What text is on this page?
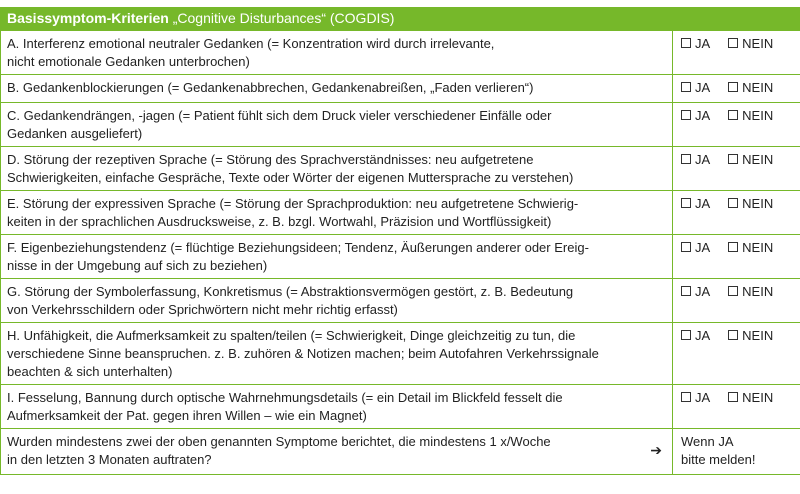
Basissymptom-Kriterien „Cognitive Disturbances“ (COGDIS)
A. Interferenz emotional neutraler Gedanken (= Konzentration wird durch irrelevante,
nicht emotionale Gedanken unterbrochen)	JA NEIN
B. Gedankenblockierungen (= Gedankenabbrechen, Gedankenabreißen, „Faden verlieren“)	JA NEIN
C. Gedankendrängen, -jagen (= Patient fühlt sich dem Druck vieler verschiedener Einfälle oder
Gedanken ausgeliefert)	JA NEIN
D. Störung der rezeptiven Sprache (= Störung des Sprachverständnisses: neu aufgetretene
Schwierigkeiten, einfache Gespräche, Texte oder Wörter der eigenen Muttersprache zu verstehen)	JA NEIN
E. Störung der expressiven Sprache (= Störung der Sprachproduktion: neu aufgetretene Schwierig-
keiten in der sprachlichen Ausdrucksweise, z. B. bzgl. Wortwahl, Präzision und Wortflüssigkeit)	JA NEIN
F. Eigenbeziehungstendenz (= flüchtige Beziehungsideen; Tendenz, Äußerungen anderer oder Ereig-
nisse in der Umgebung auf sich zu beziehen)	JA NEIN
G. Störung der Symbolerfassung, Konkretismus (= Abstraktionsvermögen gestört, z. B. Bedeutung
von Verkehrsschildern oder Sprichwörtern nicht mehr richtig erfasst)	JA NEIN
H. Unfähigkeit, die Aufmerksamkeit zu spalten/teilen (= Schwierigkeit, Dinge gleichzeitig zu tun, die
verschiedene Sinne beanspruchen. z. B. zuhören & Notizen machen; beim Autofahren Verkehrssignale
beachten & sich unterhalten)	JA NEIN
I. Fesselung, Bannung durch optische Wahrnehmungsdetails (= ein Detail im Blickfeld fesselt die
Aufmerksamkeit der Pat. gegen ihren Willen – wie ein Magnet)	JA NEIN
Wurden mindestens zwei der oben genannten Symptome berichtet, die mindestens 1 x/Woche
in den letzten 3 Monaten auftraten?
➔	Wenn JA
bitte melden!
